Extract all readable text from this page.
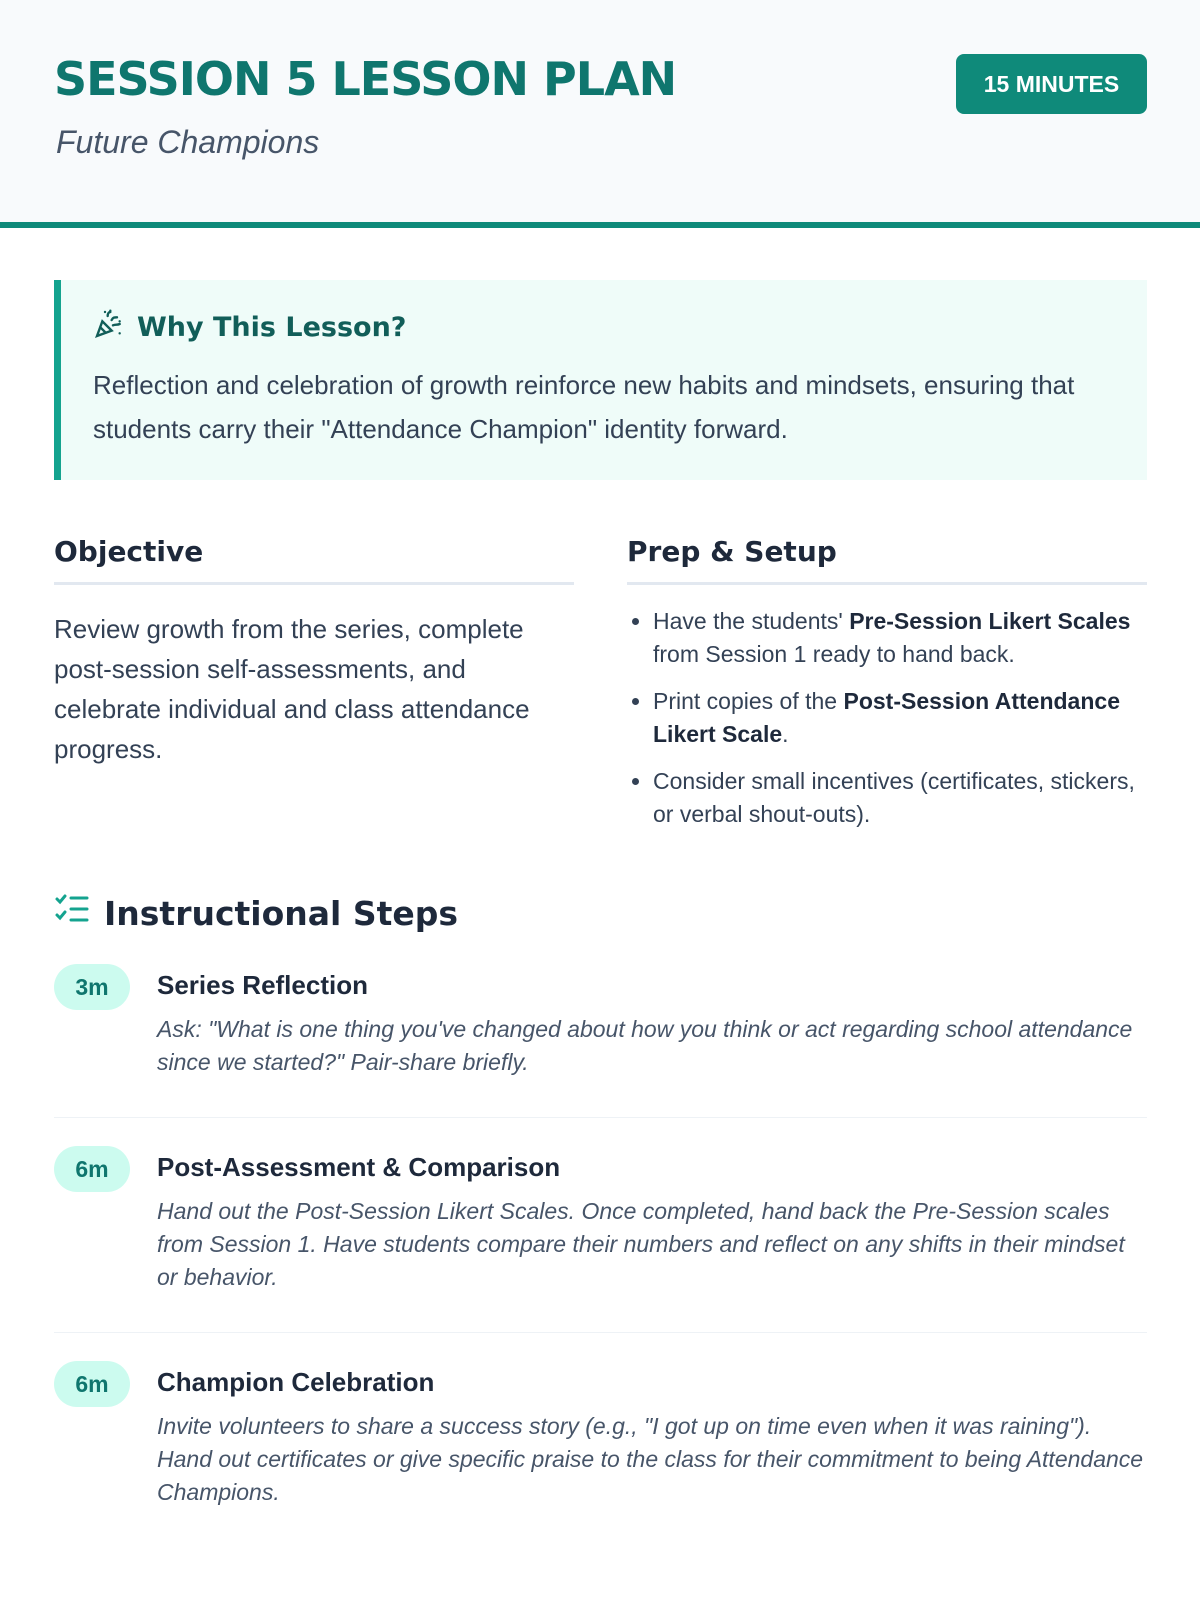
SESSION 5 LESSON PLAN
Future Champions
15 MINUTES
Why This Lesson?

Reflection and celebration of growth reinforce new habits and mindsets, ensuring that students carry their "Attendance Champion" identity forward.

Objective

Review growth from the series, complete post-session self-assessments, and celebrate individual and class attendance progress.

Prep & Setup
• Have the students' Pre-Session Likert Scales from Session 1 ready to hand back.
• Print copies of the Post-Session Attendance Likert Scale.
• Consider small incentives (certificates, stickers, or verbal shout-outs).
Instructional Steps
3m	Series Reflection

Ask: "What is one thing you've changed about how you think or act regarding school attendance since we started?" Pair-share briefly.

6m	Post-Assessment & Comparison

Hand out the Post-Session Likert Scales. Once completed, hand back the Pre-Session scales from Session 1. Have students compare their numbers and reflect on any shifts in their mindset or behavior.

6m	Champion Celebration

Invite volunteers to share a success story (e.g., "I got up on time even when it was raining"). Hand out certificates or give specific praise to the class for their commitment to being Attendance Champions.
